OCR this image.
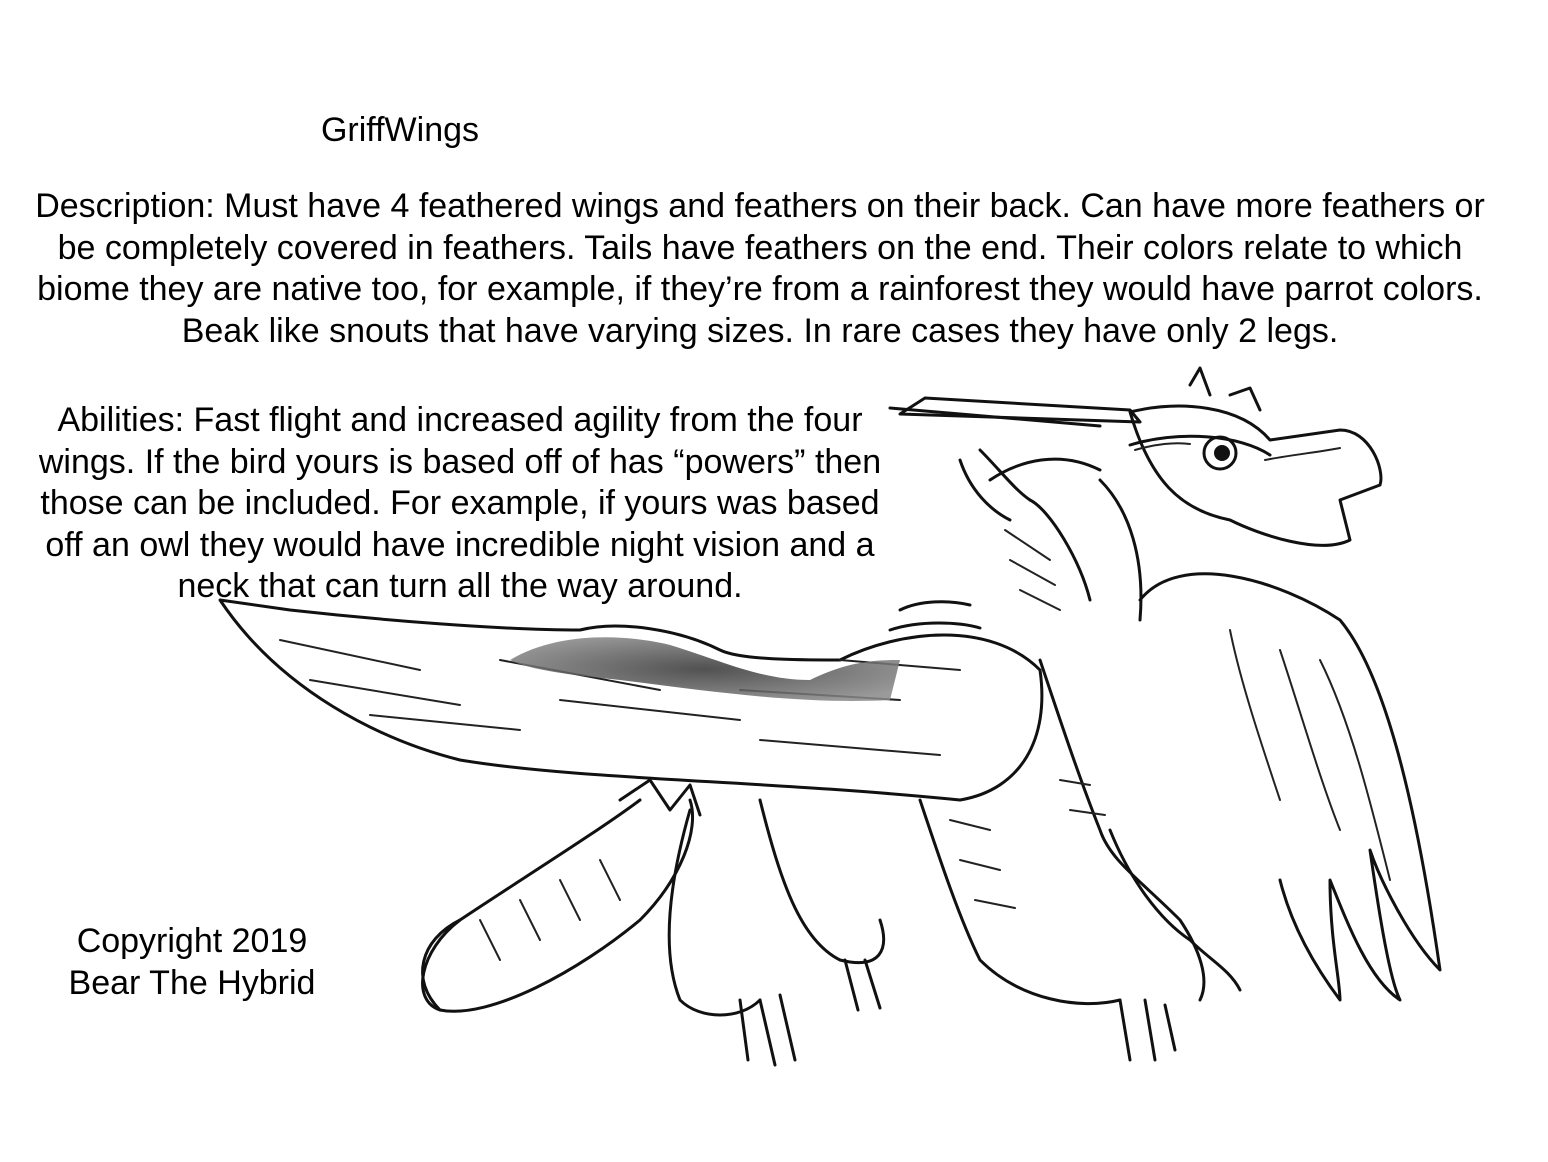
GriffWings
Description: Must have 4 feathered wings and feathers on their back. Can have more feathers or be completely covered in feathers. Tails have feathers on the end. Their colors relate to which biome they are native too, for example, if they’re from a rainforest they would have parrot colors. Beak like snouts that have varying sizes. In rare cases they have only 2 legs.
Abilities: Fast flight and increased agility from the four wings. If the bird yours is based off of has “powers” then those can be included. For example, if yours was based off an owl they would have incredible night vision and a neck that can turn all the way around.
Copyright 2019
Bear The Hybrid
